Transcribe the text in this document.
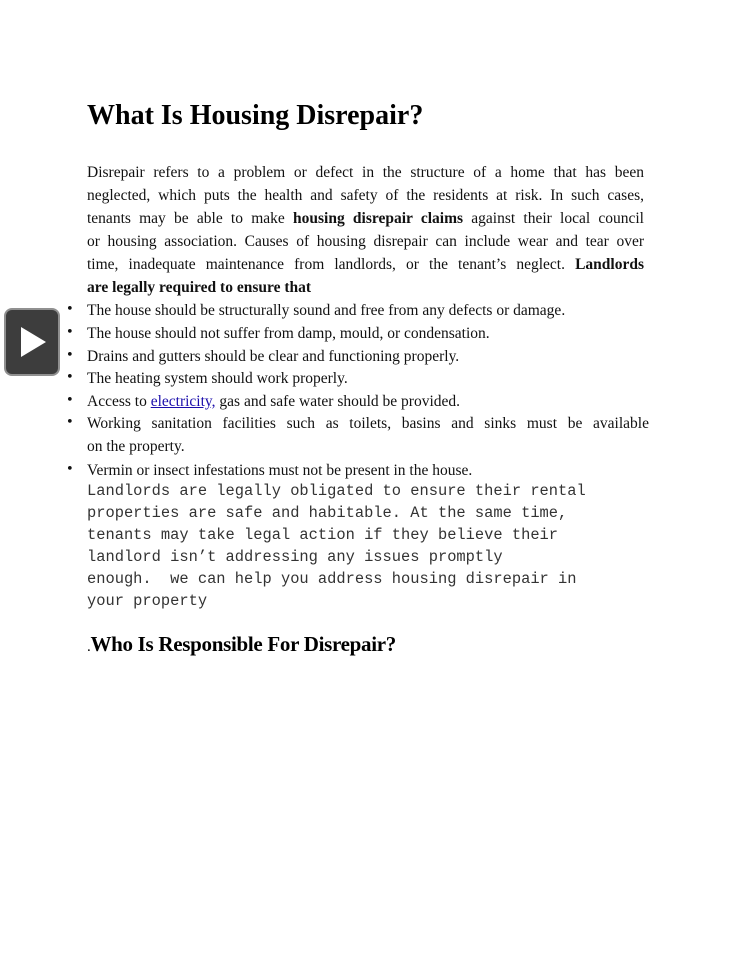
What Is Housing Disrepair?
Disrepair refers to a problem or defect in the structure of a home that has been
neglected, which puts the health and safety of the residents at risk. In such cases,
tenants may be able to make housing disrepair claims against their local council
or housing association. Causes of housing disrepair can include wear and tear over
time, inadequate maintenance from landlords, or the tenant’s neglect. Landlords
are legally required to ensure that
• The house should be structurally sound and free from any defects or damage.
• The house should not suffer from damp, mould, or condensation.
• Drains and gutters should be clear and functioning properly.
• The heating system should work properly.
• Access to electricity, gas and safe water should be provided.
• Working sanitation facilities such as toilets, basins and sinks must be available
on the property.
• Vermin or insect infestations must not be present in the house.
Landlords are legally obligated to ensure their rental
properties are safe and habitable. At the same time,
tenants may take legal action if they believe their
landlord isn’t addressing any issues promptly
enough.  we can help you address housing disrepair in
your property
.Who Is Responsible For Disrepair?
